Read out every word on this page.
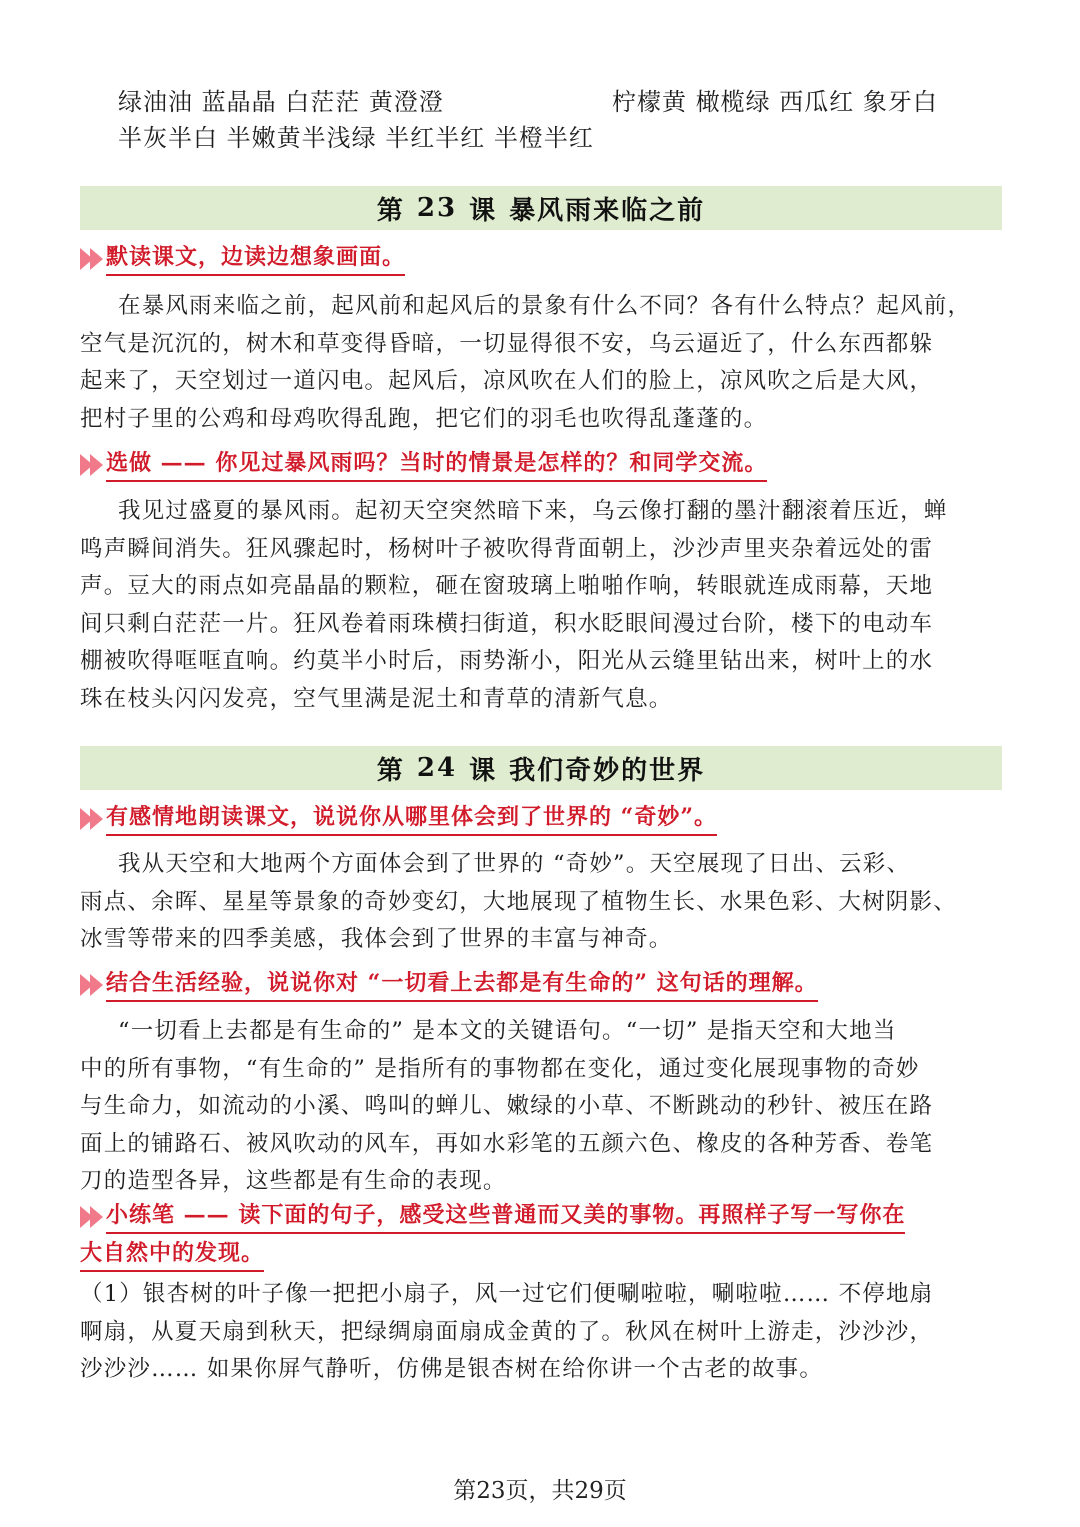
绿油油 蓝晶晶 白茫茫 黄澄澄	柠檬黄 橄榄绿 西瓜红 象牙白
半灰半白 半嫩黄半浅绿 半红半红 半橙半红
第 23 课 暴风雨来临之前
默读课文，边读边想象画面。
在暴风雨来临之前，起风前和起风后的景象有什么不同？各有什么特点？起风前，
空气是沉沉的，树木和草变得昏暗，一切显得很不安，乌云逼近了，什么东西都躲
起来了，天空划过一道闪电。起风后，凉风吹在人们的脸上，凉风吹之后是大风，
把村子里的公鸡和母鸡吹得乱跑，把它们的羽毛也吹得乱蓬蓬的。
选做 —— 你见过暴风雨吗？当时的情景是怎样的？和同学交流。
我见过盛夏的暴风雨。起初天空突然暗下来，乌云像打翻的墨汁翻滚着压近，蝉
鸣声瞬间消失。狂风骤起时，杨树叶子被吹得背面朝上，沙沙声里夹杂着远处的雷
声。豆大的雨点如亮晶晶的颗粒，砸在窗玻璃上啪啪作响，转眼就连成雨幕，天地
间只剩白茫茫一片。狂风卷着雨珠横扫街道，积水眨眼间漫过台阶，楼下的电动车
棚被吹得哐哐直响。约莫半小时后，雨势渐小，阳光从云缝里钻出来，树叶上的水
珠在枝头闪闪发亮，空气里满是泥土和青草的清新气息。
第 24 课 我们奇妙的世界
有感情地朗读课文，说说你从哪里体会到了世界的 “奇妙”。
我从天空和大地两个方面体会到了世界的 “奇妙”。天空展现了日出、云彩、
雨点、余晖、星星等景象的奇妙变幻，大地展现了植物生长、水果色彩、大树阴影、
冰雪等带来的四季美感，我体会到了世界的丰富与神奇。
结合生活经验，说说你对 “一切看上去都是有生命的” 这句话的理解。
“一切看上去都是有生命的” 是本文的关键语句。“一切” 是指天空和大地当
中的所有事物，“有生命的” 是指所有的事物都在变化，通过变化展现事物的奇妙
与生命力，如流动的小溪、鸣叫的蝉儿、嫩绿的小草、不断跳动的秒针、被压在路
面上的铺路石、被风吹动的风车，再如水彩笔的五颜六色、橡皮的各种芳香、卷笔
刀的造型各异，这些都是有生命的表现。
小练笔 —— 读下面的句子，感受这些普通而又美的事物。再照样子写一写你在
大自然中的发现。
（1）银杏树的叶子像一把把小扇子，风一过它们便唰啦啦，唰啦啦…… 不停地扇
啊扇，从夏天扇到秋天，把绿绸扇面扇成金黄的了。秋风在树叶上游走，沙沙沙，
沙沙沙…… 如果你屏气静听，仿佛是银杏树在给你讲一个古老的故事。
第23页，共29页
